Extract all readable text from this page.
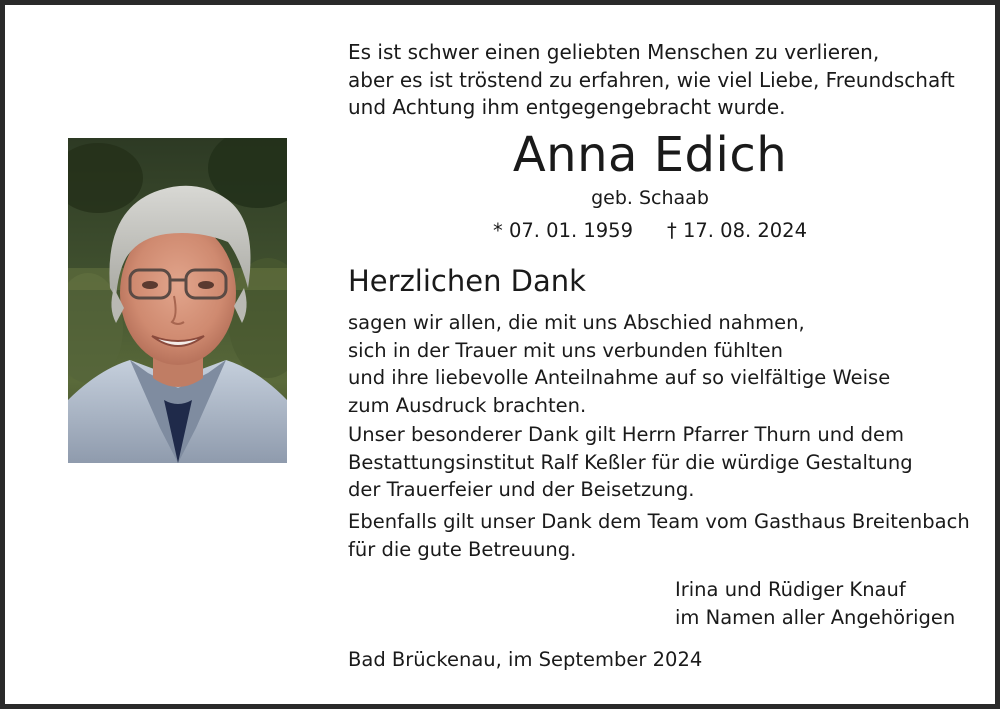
Es ist schwer einen geliebten Menschen zu verlieren,
aber es ist tröstend zu erfahren, wie viel Liebe, Freundschaft
und Achtung ihm entgegengebracht wurde.
Anna Edich
geb. Schaab
* 07. 01. 1959 † 17. 08. 2024
Herzlichen Dank
sagen wir allen, die mit uns Abschied nahmen,
sich in der Trauer mit uns verbunden fühlten
und ihre liebevolle Anteilnahme auf so vielfältige Weise
zum Ausdruck brachten.
Unser besonderer Dank gilt Herrn Pfarrer Thurn und dem
Bestattungsinstitut Ralf Keßler für die würdige Gestaltung
der Trauerfeier und der Beisetzung.
Ebenfalls gilt unser Dank dem Team vom Gasthaus Breitenbach
für die gute Betreuung.
Irina und Rüdiger Knauf
im Namen aller Angehörigen
Bad Brückenau, im September 2024
